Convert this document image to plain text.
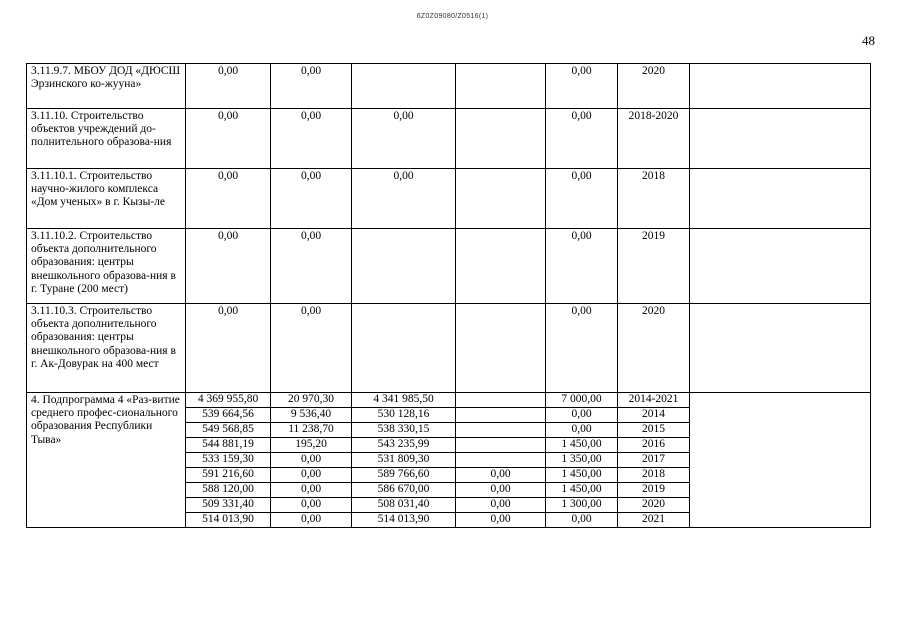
6Z0Z09080/Z0516(1)
48
3.11.9.7. МБОУ ДОД «ДЮСШ Эрзинского ко-жууна»	0,00	0,00			0,00	2020	
3.11.10. Строительство объектов учреждений до-полнительного образова-ния	0,00	0,00	0,00		0,00	2018-2020	
3.11.10.1. Строительство научно-жилого комплекса «Дом ученых» в г. Кызы-ле	0,00	0,00	0,00		0,00	2018	
3.11.10.2. Строительство объекта дополнительного образования: центры внешкольного образова-ния в г. Туране (200 мест)	0,00	0,00			0,00	2019	
3.11.10.3. Строительство объекта дополнительного образования: центры внешкольного образова-ния в г. Ак-Довурак на 400 мест	0,00	0,00			0,00	2020	
4. Подпрограмма 4 «Раз-витие среднего профес-сионального образования Республики Тыва»	4 369 955,80	20 970,30	4 341 985,50		7 000,00	2014-2021	
	539 664,56	9 536,40	530 128,16		0,00	2014	
	549 568,85	11 238,70	538 330,15		0,00	2015	
	544 881,19	195,20	543 235,99		1 450,00	2016	
	533 159,30	0,00	531 809,30		1 350,00	2017	
	591 216,60	0,00	589 766,60	0,00	1 450,00	2018	
	588 120,00	0,00	586 670,00	0,00	1 450,00	2019	
	509 331,40	0,00	508 031,40	0,00	1 300,00	2020	
	514 013,90	0,00	514 013,90	0,00	0,00	2021	
